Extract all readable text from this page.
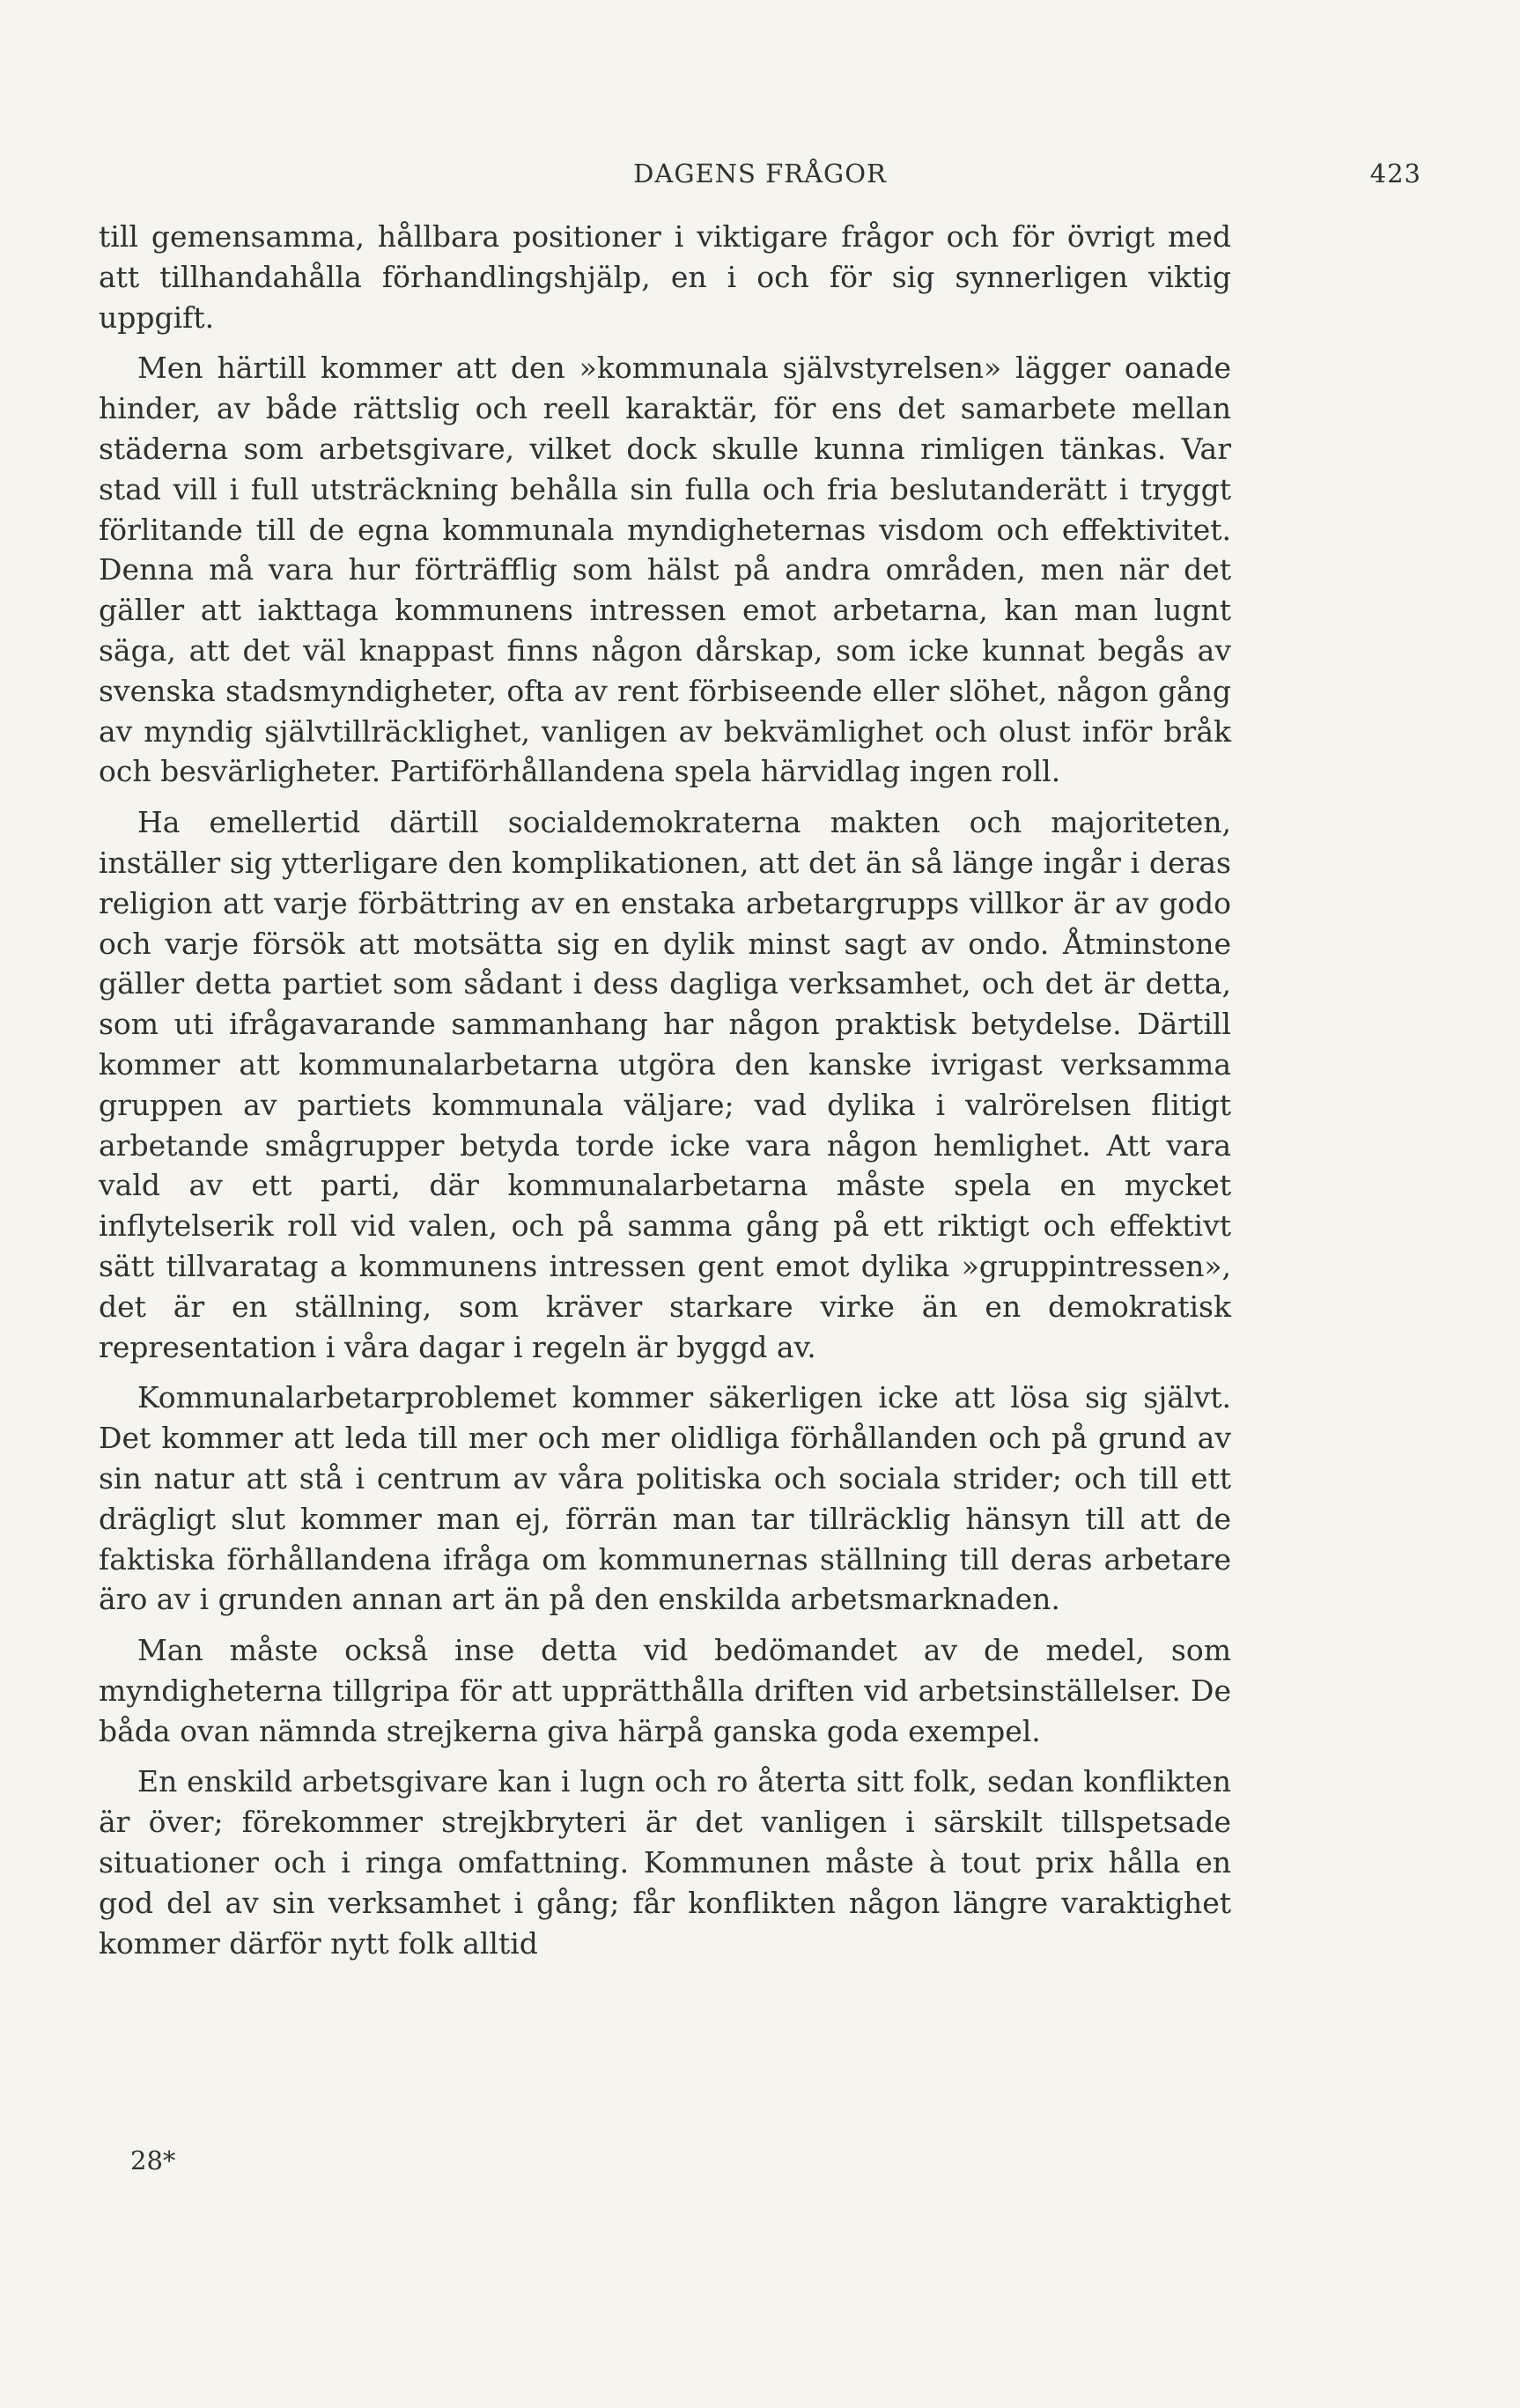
DAGENS FRÅGOR	423

till gemensamma, hållbara positioner i viktigare frågor och för övrigt med att tillhandahålla förhandlingshjälp, en i och för sig synnerligen viktig uppgift.

Men härtill kommer att den »kommunala självstyrelsen» lägger oanade hinder, av både rättslig och reell karaktär, för ens det samarbete mellan städerna som arbetsgivare, vilket dock skulle kunna rimligen tänkas. Var stad vill i full utsträckning behålla sin fulla och fria beslutanderätt i tryggt förlitande till de egna kommunala myndigheternas visdom och effektivitet. Denna må vara hur förträfflig som hälst på andra områden, men när det gäller att iakttaga kommunens intressen emot arbetarna, kan man lugnt säga, att det väl knappast finns någon dårskap, som icke kunnat begås av svenska stadsmyndigheter, ofta av rent förbiseende eller slöhet, någon gång av myndig självtillräcklighet, vanligen av bekvämlighet och olust inför bråk och besvärligheter. Partiförhållandena spela härvidlag ingen roll.

Ha emellertid därtill socialdemokraterna makten och majoriteten, inställer sig ytterligare den komplikationen, att det än så länge ingår i deras religion att varje förbättring av en enstaka arbetargrupps villkor är av godo och varje försök att motsätta sig en dylik minst sagt av ondo. Åtminstone gäller detta partiet som sådant i dess dagliga verksamhet, och det är detta, som uti ifrågavarande sammanhang har någon praktisk betydelse. Därtill kommer att kommunalarbetarna utgöra den kanske ivrigast verksamma gruppen av partiets kommunala väljare; vad dylika i valrörelsen flitigt arbetande smågrupper betyda torde icke vara någon hemlighet. Att vara vald av ett parti, där kommunalarbetarna måste spela en mycket inflytelserik roll vid valen, och på samma gång på ett riktigt och effektivt sätt tillvaratag a kommunens intressen gent emot dylika »gruppintressen», det är en ställning, som kräver starkare virke än en demokratisk representation i våra dagar i regeln är byggd av.

Kommunalarbetarproblemet kommer säkerligen icke att lösa sig självt. Det kommer att leda till mer och mer olidliga förhållanden och på grund av sin natur att stå i centrum av våra politiska och sociala strider; och till ett drägligt slut kommer man ej, förrän man tar tillräcklig hänsyn till att de faktiska förhållandena ifråga om kommunernas ställning till deras arbetare äro av i grunden annan art än på den enskilda arbetsmarknaden.

Man måste också inse detta vid bedömandet av de medel, som myndigheterna tillgripa för att upprätthålla driften vid arbetsinställelser. De båda ovan nämnda strejkerna giva härpå ganska goda exempel.

En enskild arbetsgivare kan i lugn och ro återta sitt folk, sedan konflikten är över; förekommer strejkbryteri är det vanligen i särskilt tillspetsade situationer och i ringa omfattning. Kommunen måste à tout prix hålla en god del av sin verksamhet i gång; får konflikten någon längre varaktighet kommer därför nytt folk alltid

28*
